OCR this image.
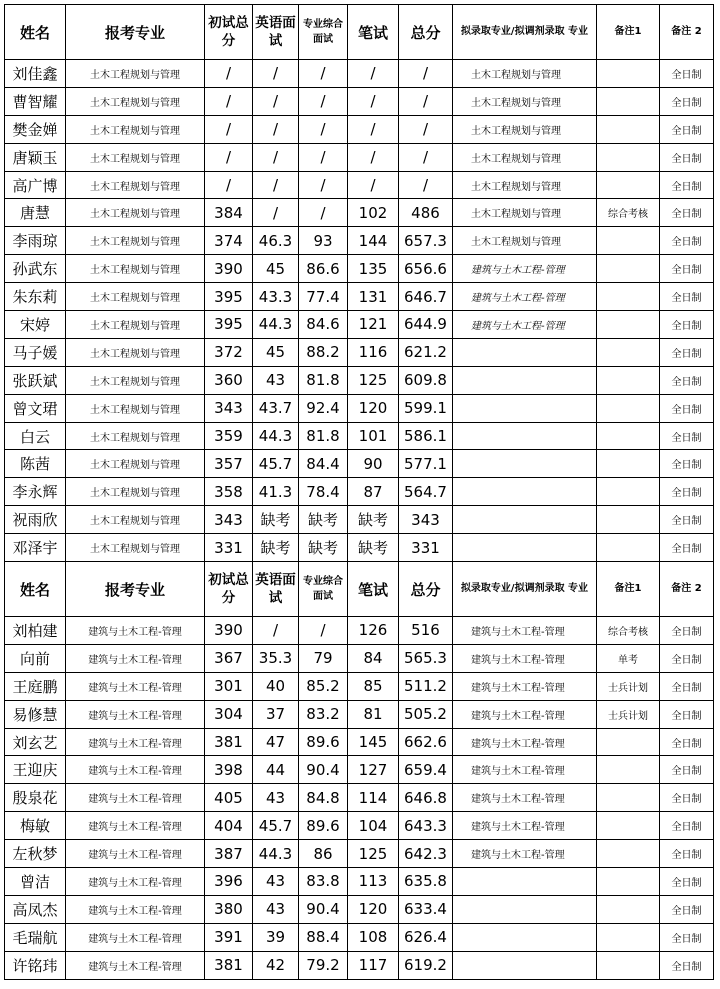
姓名	报考专业	初试总分	英语面试	专业综合面试	笔试	总分	拟录取专业/拟调剂录取 专业	备注1	备注 2
刘佳鑫	土木工程规划与管理	/	/	/	/	/	土木工程规划与管理		全日制
曹智耀	土木工程规划与管理	/	/	/	/	/	土木工程规划与管理		全日制
樊金婵	土木工程规划与管理	/	/	/	/	/	土木工程规划与管理		全日制
唐颖玉	土木工程规划与管理	/	/	/	/	/	土木工程规划与管理		全日制
高广博	土木工程规划与管理	/	/	/	/	/	土木工程规划与管理		全日制
唐慧	土木工程规划与管理	384	/	/	102	486	土木工程规划与管理	综合考核	全日制
李雨琼	土木工程规划与管理	374	46.3	93	144	657.3	土木工程规划与管理		全日制
孙武东	土木工程规划与管理	390	45	86.6	135	656.6	建筑与土木工程-管理		全日制
朱东莉	土木工程规划与管理	395	43.3	77.4	131	646.7	建筑与土木工程-管理		全日制
宋婷	土木工程规划与管理	395	44.3	84.6	121	644.9	建筑与土木工程-管理		全日制
马子媛	土木工程规划与管理	372	45	88.2	116	621.2			全日制
张跃斌	土木工程规划与管理	360	43	81.8	125	609.8			全日制
曾文珺	土木工程规划与管理	343	43.7	92.4	120	599.1			全日制
白云	土木工程规划与管理	359	44.3	81.8	101	586.1			全日制
陈茜	土木工程规划与管理	357	45.7	84.4	90	577.1			全日制
李永辉	土木工程规划与管理	358	41.3	78.4	87	564.7			全日制
祝雨欣	土木工程规划与管理	343	缺考	缺考	缺考	343			全日制
邓泽宇	土木工程规划与管理	331	缺考	缺考	缺考	331			全日制
姓名	报考专业	初试总分	英语面试	专业综合面试	笔试	总分	拟录取专业/拟调剂录取 专业	备注1	备注 2
刘柏建	建筑与土木工程-管理	390	/	/	126	516	建筑与土木工程-管理	综合考核	全日制
向前	建筑与土木工程-管理	367	35.3	79	84	565.3	建筑与土木工程-管理	单考	全日制
王庭鹏	建筑与土木工程-管理	301	40	85.2	85	511.2	建筑与土木工程-管理	士兵计划	全日制
易修慧	建筑与土木工程-管理	304	37	83.2	81	505.2	建筑与土木工程-管理	士兵计划	全日制
刘玄艺	建筑与土木工程-管理	381	47	89.6	145	662.6	建筑与土木工程-管理		全日制
王迎庆	建筑与土木工程-管理	398	44	90.4	127	659.4	建筑与土木工程-管理		全日制
殷泉花	建筑与土木工程-管理	405	43	84.8	114	646.8	建筑与土木工程-管理		全日制
梅敏	建筑与土木工程-管理	404	45.7	89.6	104	643.3	建筑与土木工程-管理		全日制
左秋梦	建筑与土木工程-管理	387	44.3	86	125	642.3	建筑与土木工程-管理		全日制
曾洁	建筑与土木工程-管理	396	43	83.8	113	635.8			全日制
高凤杰	建筑与土木工程-管理	380	43	90.4	120	633.4			全日制
毛瑞航	建筑与土木工程-管理	391	39	88.4	108	626.4			全日制
许铭玮	建筑与土木工程-管理	381	42	79.2	117	619.2			全日制
